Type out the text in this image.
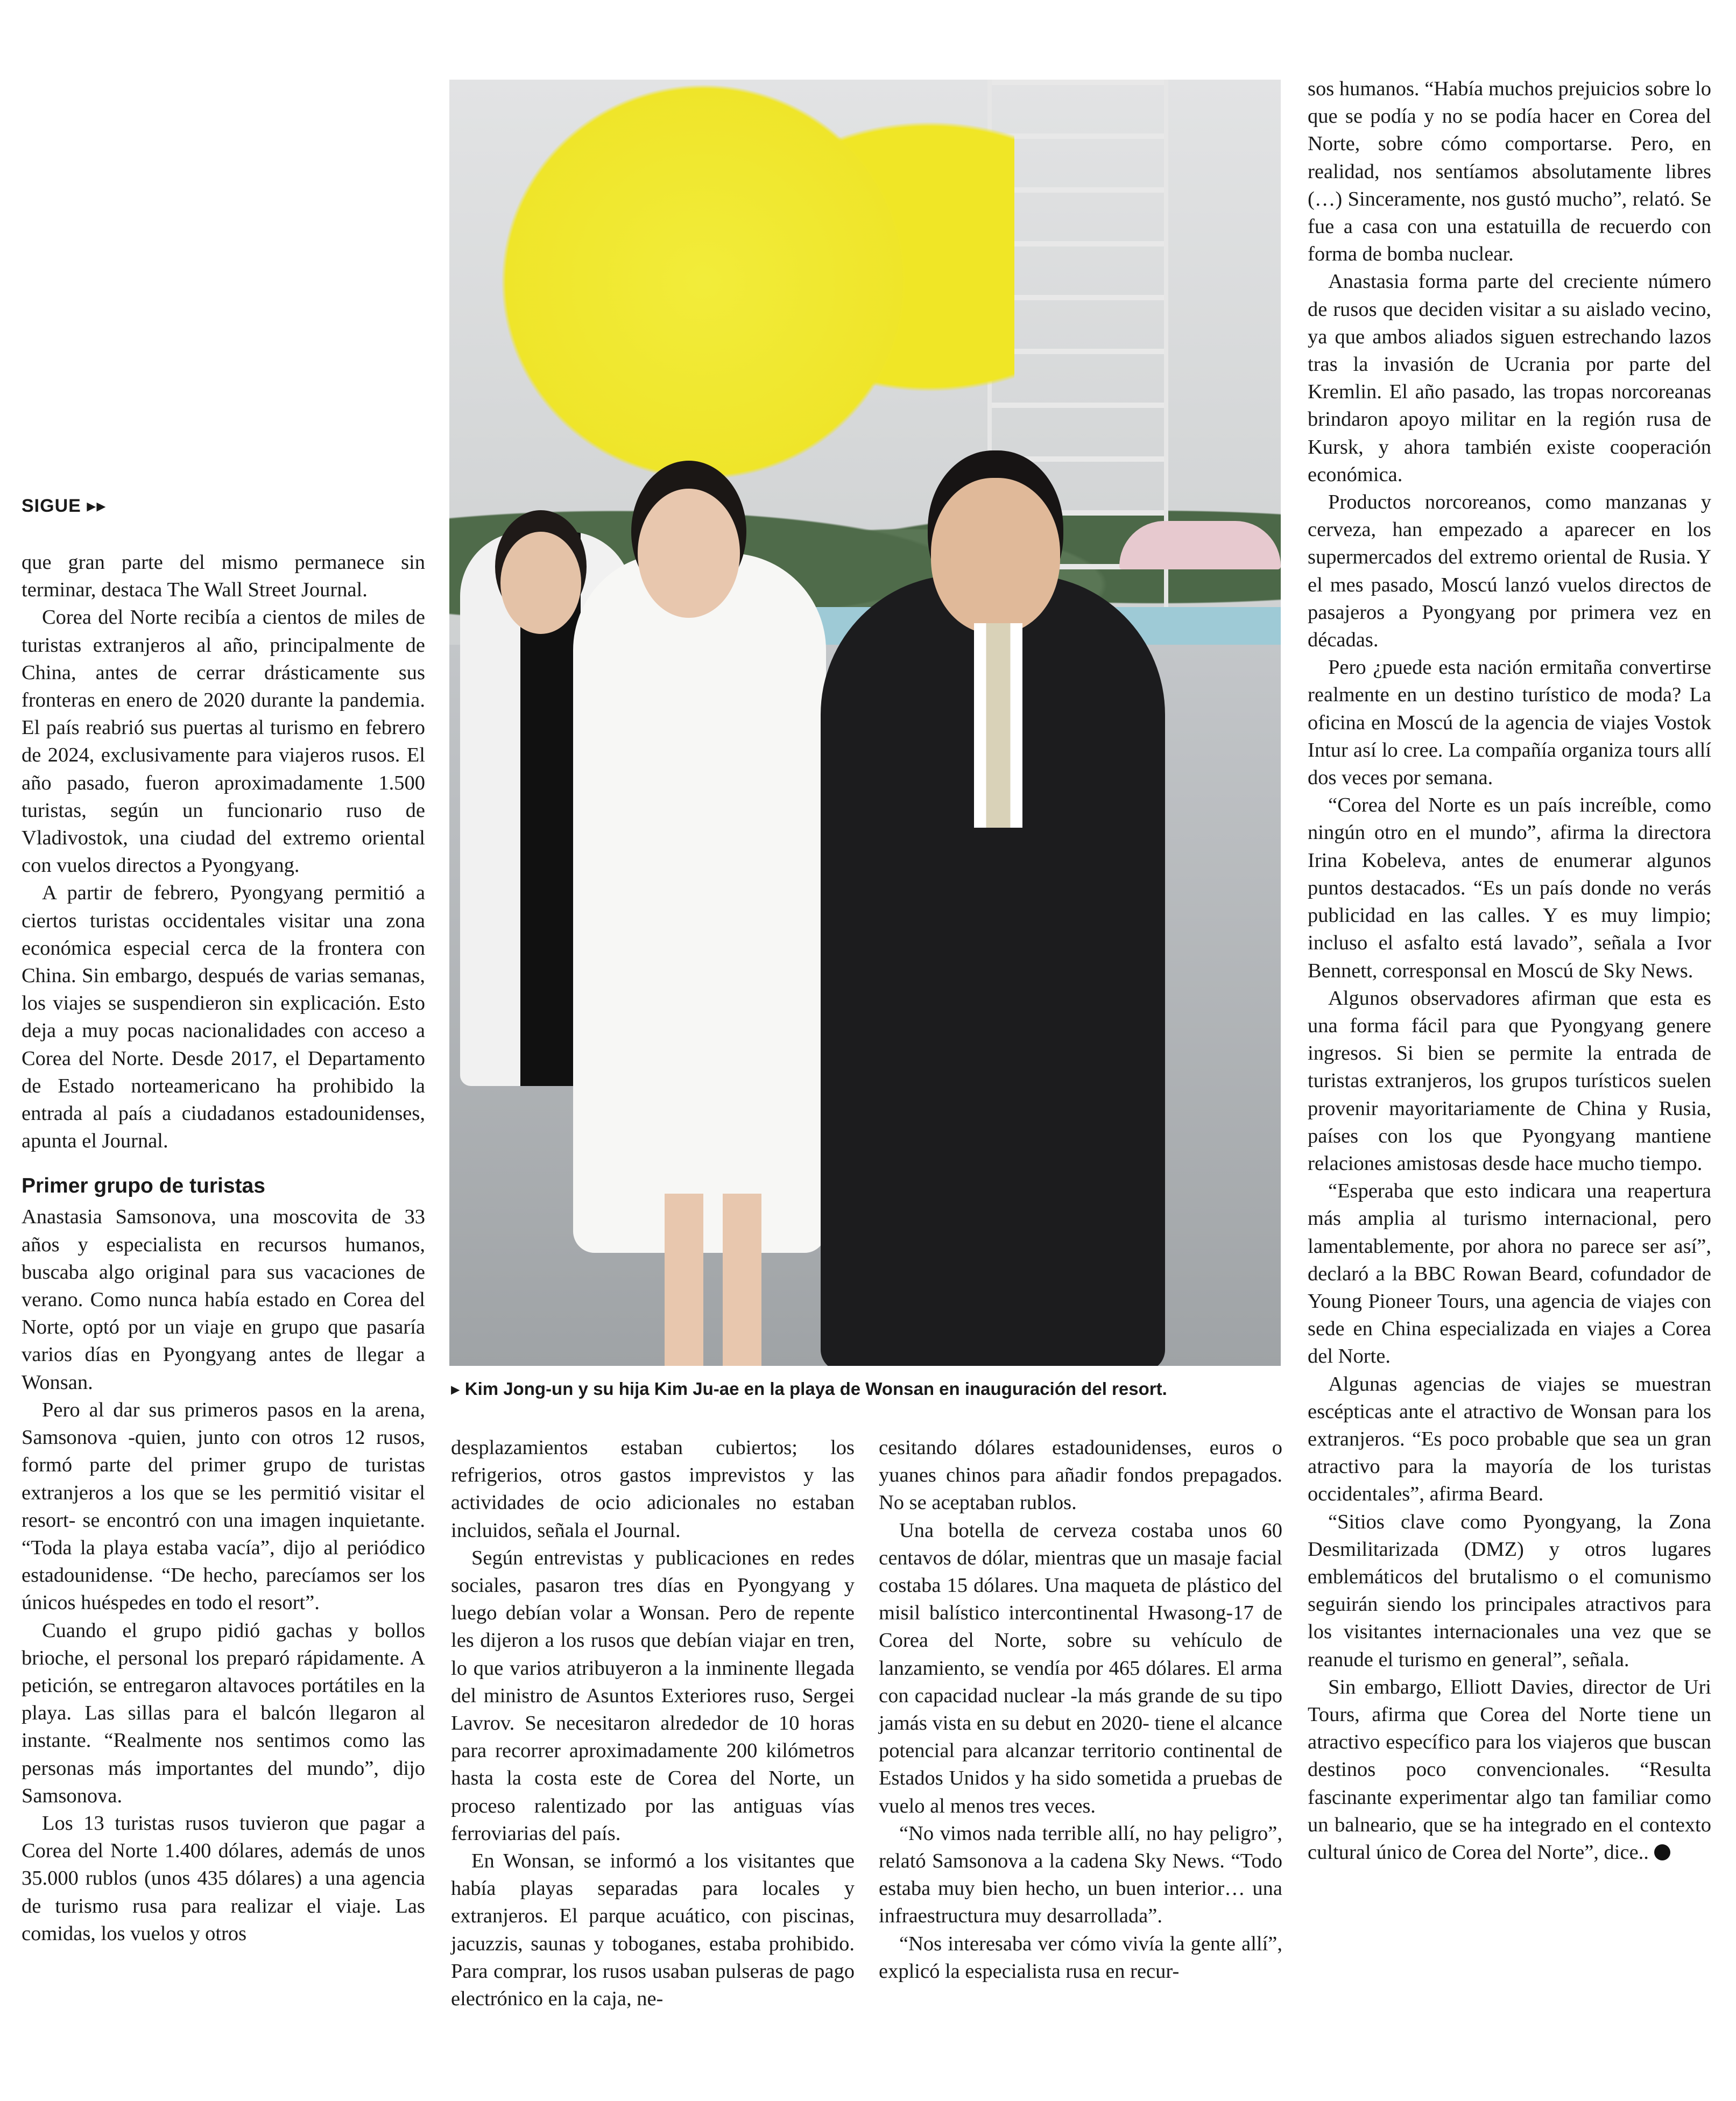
SIGUE ▸▸

que gran parte del mismo permanece sin terminar, destaca The Wall Street Journal.

Corea del Norte recibía a cientos de miles de turistas extranjeros al año, principalmente de China, antes de cerrar drásticamente sus fronteras en enero de 2020 durante la pandemia. El país reabrió sus puertas al turismo en febrero de 2024, exclusivamente para viajeros rusos. El año pasado, fueron aproximadamente 1.500 turistas, según un funcionario ruso de Vladivostok, una ciudad del extremo oriental con vuelos directos a Pyongyang.

A partir de febrero, Pyongyang permitió a ciertos turistas occidentales visitar una zona económica especial cerca de la frontera con China. Sin embargo, después de varias semanas, los viajes se suspendieron sin explicación. Esto deja a muy pocas nacionalidades con acceso a Corea del Norte. Desde 2017, el Departamento de Estado norteamericano ha prohibido la entrada al país a ciudadanos estadounidenses, apunta el Journal.

Primer grupo de turistas

Anastasia Samsonova, una moscovita de 33 años y especialista en recursos humanos, buscaba algo original para sus vacaciones de verano. Como nunca había estado en Corea del Norte, optó por un viaje en grupo que pasaría varios días en Pyongyang antes de llegar a Wonsan.

Pero al dar sus primeros pasos en la arena, Samsonova -quien, junto con otros 12 rusos, formó parte del primer grupo de turistas extranjeros a los que se les permitió visitar el resort- se encontró con una imagen inquietante. “Toda la playa estaba vacía”, dijo al periódico estadounidense. “De hecho, parecíamos ser los únicos huéspedes en todo el resort”.

Cuando el grupo pidió gachas y bollos brioche, el personal los preparó rápidamente. A petición, se entregaron altavoces portátiles en la playa. Las sillas para el balcón llegaron al instante. “Realmente nos sentimos como las personas más importantes del mundo”, dijo Samsonova.

Los 13 turistas rusos tuvieron que pagar a Corea del Norte 1.400 dólares, además de unos 35.000 rublos (unos 435 dólares) a una agencia de turismo rusa para realizar el viaje. Las comidas, los vuelos y otros

▸ Kim Jong-un y su hija Kim Ju-ae en la playa de Wonsan en inauguración del resort.

desplazamientos estaban cubiertos; los refrigerios, otros gastos imprevistos y las actividades de ocio adicionales no estaban incluidos, señala el Journal.

Según entrevistas y publicaciones en redes sociales, pasaron tres días en Pyongyang y luego debían volar a Wonsan. Pero de repente les dijeron a los rusos que debían viajar en tren, lo que varios atribuyeron a la inminente llegada del ministro de Asuntos Exteriores ruso, Sergei Lavrov. Se necesitaron alrededor de 10 horas para recorrer aproximadamente 200 kilómetros hasta la costa este de Corea del Norte, un proceso ralentizado por las antiguas vías ferroviarias del país.

En Wonsan, se informó a los visitantes que había playas separadas para locales y extranjeros. El parque acuático, con piscinas, jacuzzis, saunas y toboganes, estaba prohibido. Para comprar, los rusos usaban pulseras de pago electrónico en la caja, ne-

cesitando dólares estadounidenses, euros o yuanes chinos para añadir fondos prepagados. No se aceptaban rublos.

Una botella de cerveza costaba unos 60 centavos de dólar, mientras que un masaje facial costaba 15 dólares. Una maqueta de plástico del misil balístico intercontinental Hwasong-17 de Corea del Norte, sobre su vehículo de lanzamiento, se vendía por 465 dólares. El arma con capacidad nuclear -la más grande de su tipo jamás vista en su debut en 2020- tiene el alcance potencial para alcanzar territorio continental de Estados Unidos y ha sido sometida a pruebas de vuelo al menos tres veces.

“No vimos nada terrible allí, no hay peligro”, relató Samsonova a la cadena Sky News. “Todo estaba muy bien hecho, un buen interior… una infraestructura muy desarrollada”.

“Nos interesaba ver cómo vivía la gente allí”, explicó la especialista rusa en recur-

sos humanos. “Había muchos prejuicios sobre lo que se podía y no se podía hacer en Corea del Norte, sobre cómo comportarse. Pero, en realidad, nos sentíamos absolutamente libres (…) Sinceramente, nos gustó mucho”, relató. Se fue a casa con una estatuilla de recuerdo con forma de bomba nuclear.

Anastasia forma parte del creciente número de rusos que deciden visitar a su aislado vecino, ya que ambos aliados siguen estrechando lazos tras la invasión de Ucrania por parte del Kremlin. El año pasado, las tropas norcoreanas brindaron apoyo militar en la región rusa de Kursk, y ahora también existe cooperación económica.

Productos norcoreanos, como manzanas y cerveza, han empezado a aparecer en los supermercados del extremo oriental de Rusia. Y el mes pasado, Moscú lanzó vuelos directos de pasajeros a Pyongyang por primera vez en décadas.

Pero ¿puede esta nación ermitaña convertirse realmente en un destino turístico de moda? La oficina en Moscú de la agencia de viajes Vostok Intur así lo cree. La compañía organiza tours allí dos veces por semana.

“Corea del Norte es un país increíble, como ningún otro en el mundo”, afirma la directora Irina Kobeleva, antes de enumerar algunos puntos destacados. “Es un país donde no verás publicidad en las calles. Y es muy limpio; incluso el asfalto está lavado”, señala a Ivor Bennett, corresponsal en Moscú de Sky News.

Algunos observadores afirman que esta es una forma fácil para que Pyongyang genere ingresos. Si bien se permite la entrada de turistas extranjeros, los grupos turísticos suelen provenir mayoritariamente de China y Rusia, países con los que Pyongyang mantiene relaciones amistosas desde hace mucho tiempo.

“Esperaba que esto indicara una reapertura más amplia al turismo internacional, pero lamentablemente, por ahora no parece ser así”, declaró a la BBC Rowan Beard, cofundador de Young Pioneer Tours, una agencia de viajes con sede en China especializada en viajes a Corea del Norte.

Algunas agencias de viajes se muestran escépticas ante el atractivo de Wonsan para los extranjeros. “Es poco probable que sea un gran atractivo para la mayoría de los turistas occidentales”, afirma Beard.

“Sitios clave como Pyongyang, la Zona Desmilitarizada (DMZ) y otros lugares emblemáticos del brutalismo o el comunismo seguirán siendo los principales atractivos para los visitantes internacionales una vez que se reanude el turismo en general”, señala.

Sin embargo, Elliott Davies, director de Uri Tours, afirma que Corea del Norte tiene un atractivo específico para los viajeros que buscan destinos poco convencionales. “Resulta fascinante experimentar algo tan familiar como un balneario, que se ha integrado en el contexto cultural único de Corea del Norte”, dice..
